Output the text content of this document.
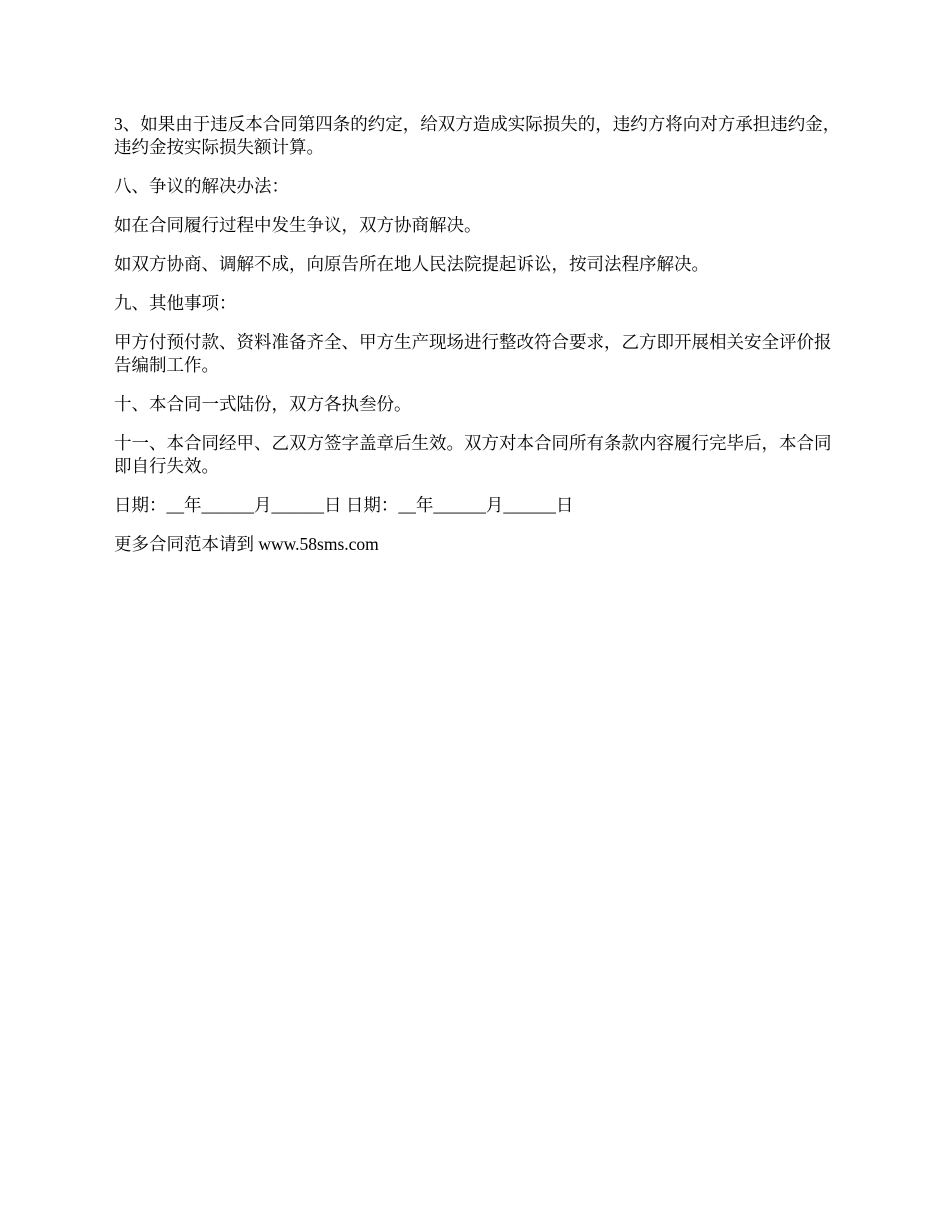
3、如果由于违反本合同第四条的约定，给双方造成实际损失的，违约方将向对方承担违约金，违约金按实际损失额计算。

八、争议的解决办法：

如在合同履行过程中发生争议，双方协商解决。

如双方协商、调解不成，向原告所在地人民法院提起诉讼，按司法程序解决。

九、其他事项：

甲方付预付款、资料准备齐全、甲方生产现场进行整改符合要求，乙方即开展相关安全评价报告编制工作。

十、本合同一式陆份，双方各执叁份。

十一、本合同经甲、乙双方签字盖章后生效。双方对本合同所有条款内容履行完毕后，本合同即自行失效。

日期：__年______月______日 日期：__年______月______日

更多合同范本请到 www.58sms.com
